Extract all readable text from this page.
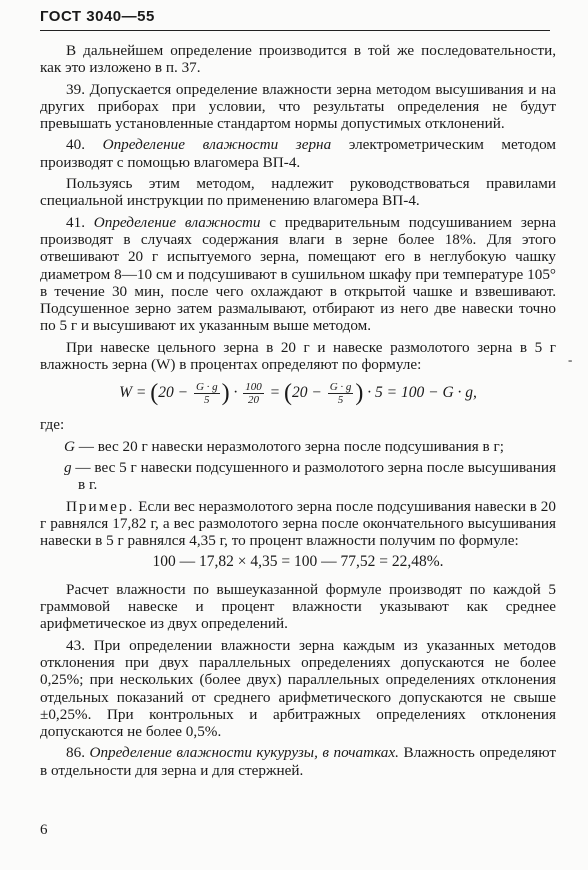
ГОСТ 3040—55
-

В дальнейшем определение производится в той же последовательности, как это изложено в п. 37.

39. Допускается определение влажности зерна методом высушивания и на других приборах при условии, что результаты определения не будут превышать установленные стандартом нормы допустимых отклонений.

40. Определение влажности зерна электрометрическим методом производят с помощью влагомера ВП-4.

Пользуясь этим методом, надлежит руководствоваться правилами специальной инструкции по применению влагомера ВП-4.

41. Определение влажности с предварительным подсушиванием зерна производят в случаях содержания влаги в зерне более 18%. Для этого отвешивают 20 г испытуемого зерна, помещают его в неглубокую чашку диаметром 8—10 см и подсушивают в сушильном шкафу при температуре 105° в течение 30 мин, после чего охлаждают в открытой чашке и взвешивают. Подсушенное зерно затем размалывают, отбирают из него две навески точно по 5 г и высушивают их указанным выше методом.

При навеске цельного зерна в 20 г и навеске размолотого зерна в 5 г влажность зерна (W) в процентах определяют по формуле:

$W = (20 - \frac{G \cdot g}{5}$ ) · $\frac{100}{20} = (20 - \frac{G \cdot g}{5}$ ) · 5 = 100 − G · g,

где:

G — вес 20 г навески неразмолотого зерна после подсушивания в г;

g — вес 5 г навески подсушенного и размолотого зерна после высушивания в г.

Пример. Если вес неразмолотого зерна после подсушивания навески в 20 г равнялся 17,82 г, а вес размолотого зерна после окончательного высушивания навески в 5 г равнялся 4,35 г, то процент влажности получим по формуле:

100 — 17,82 × 4,35 = 100 — 77,52 = 22,48%.

Расчет влажности по вышеуказанной формуле производят по каждой 5 граммовой навеске и процент влажности указывают как среднее арифметическое из двух определений.

43. При определении влажности зерна каждым из указанных методов отклонения при двух параллельных определениях допускаются не более 0,25%; при нескольких (более двух) параллельных определениях отклонения отдельных показаний от среднего арифметического допускаются не свыше ±0,25%. При контрольных и арбитражных определениях отклонения допускаются не более 0,5%.

86. Определение влажности кукурузы, в початках. Влажность определяют в отдельности для зерна и для стержней.

6
